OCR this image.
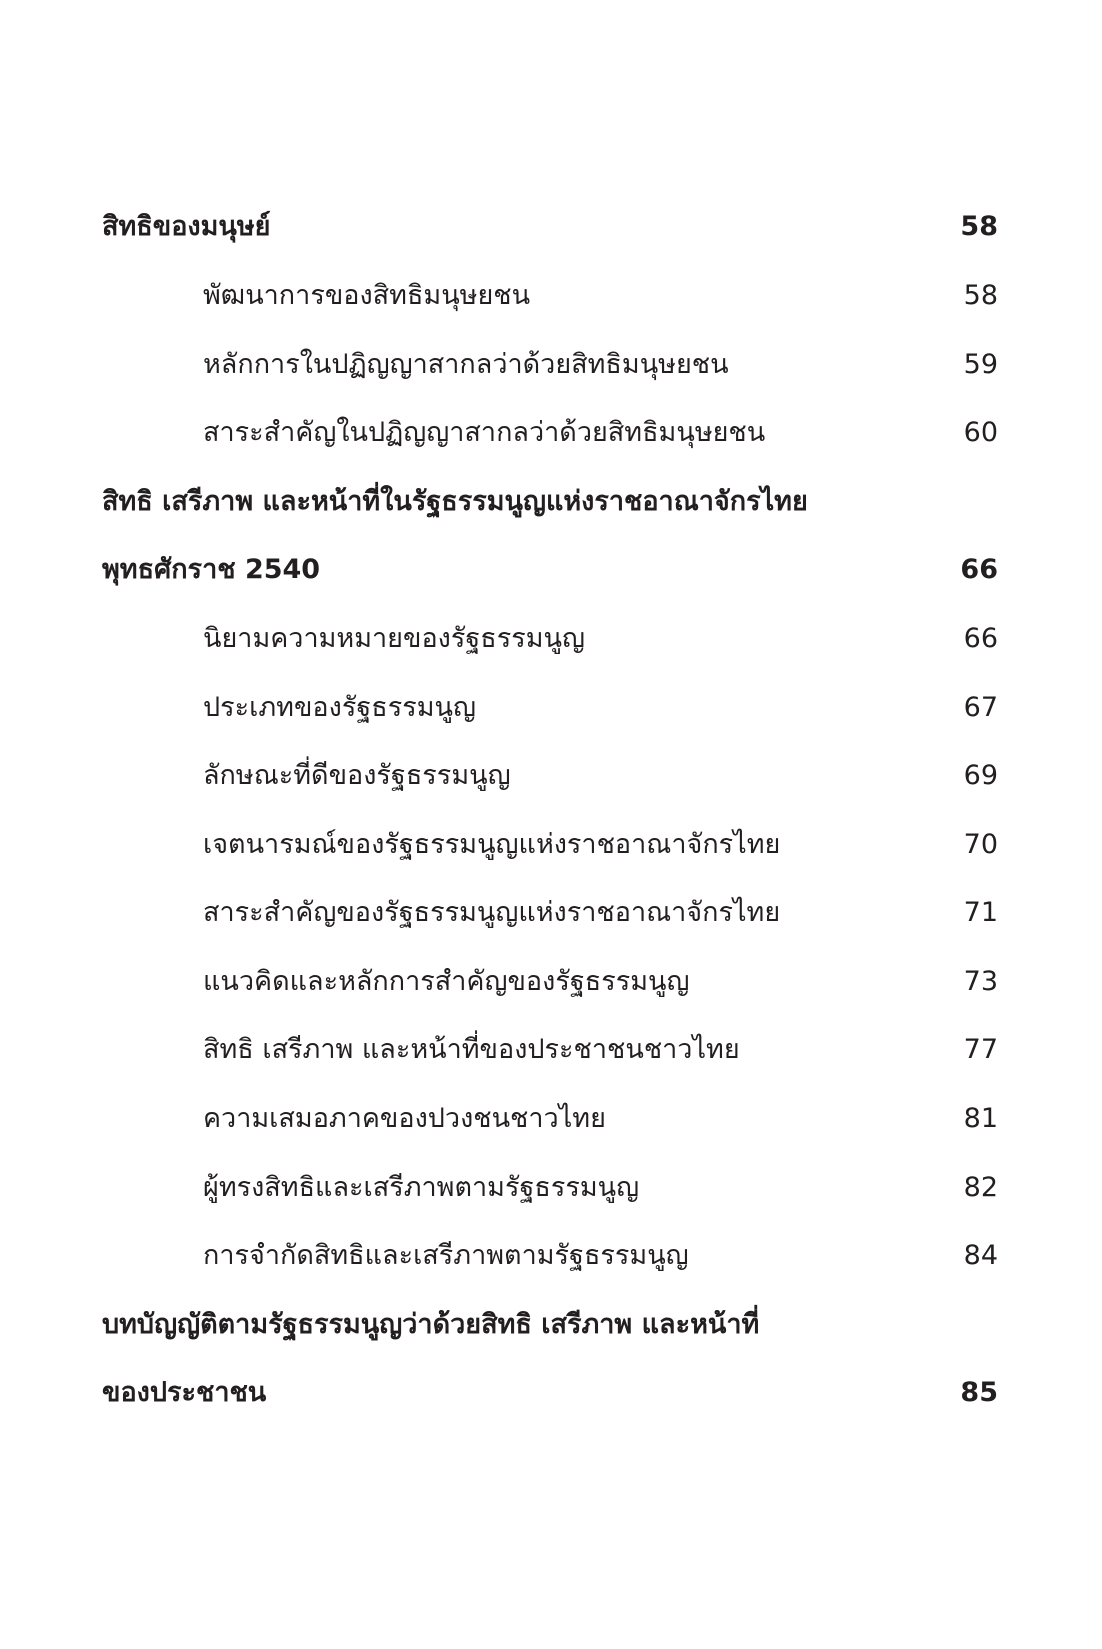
สิทธิของมนุษย์	58
พัฒนาการของสิทธิมนุษยชน	58
หลักการในปฏิญญาสากลว่าด้วยสิทธิมนุษยชน	59
สาระสำคัญในปฏิญญาสากลว่าด้วยสิทธิมนุษยชน	60
สิทธิ เสรีภาพ และหน้าที่ในรัฐธรรมนูญแห่งราชอาณาจักรไทย
พุทธศักราช 2540	66
นิยามความหมายของรัฐธรรมนูญ	66
ประเภทของรัฐธรรมนูญ	67
ลักษณะที่ดีของรัฐธรรมนูญ	69
เจตนารมณ์ของรัฐธรรมนูญแห่งราชอาณาจักรไทย	70
สาระสำคัญของรัฐธรรมนูญแห่งราชอาณาจักรไทย	71
แนวคิดและหลักการสำคัญของรัฐธรรมนูญ	73
สิทธิ เสรีภาพ และหน้าที่ของประชาชนชาวไทย	77
ความเสมอภาคของปวงชนชาวไทย	81
ผู้ทรงสิทธิและเสรีภาพตามรัฐธรรมนูญ	82
การจำกัดสิทธิและเสรีภาพตามรัฐธรรมนูญ	84
บทบัญญัติตามรัฐธรรมนูญว่าด้วยสิทธิ เสรีภาพ และหน้าที่
ของประชาชน	85
